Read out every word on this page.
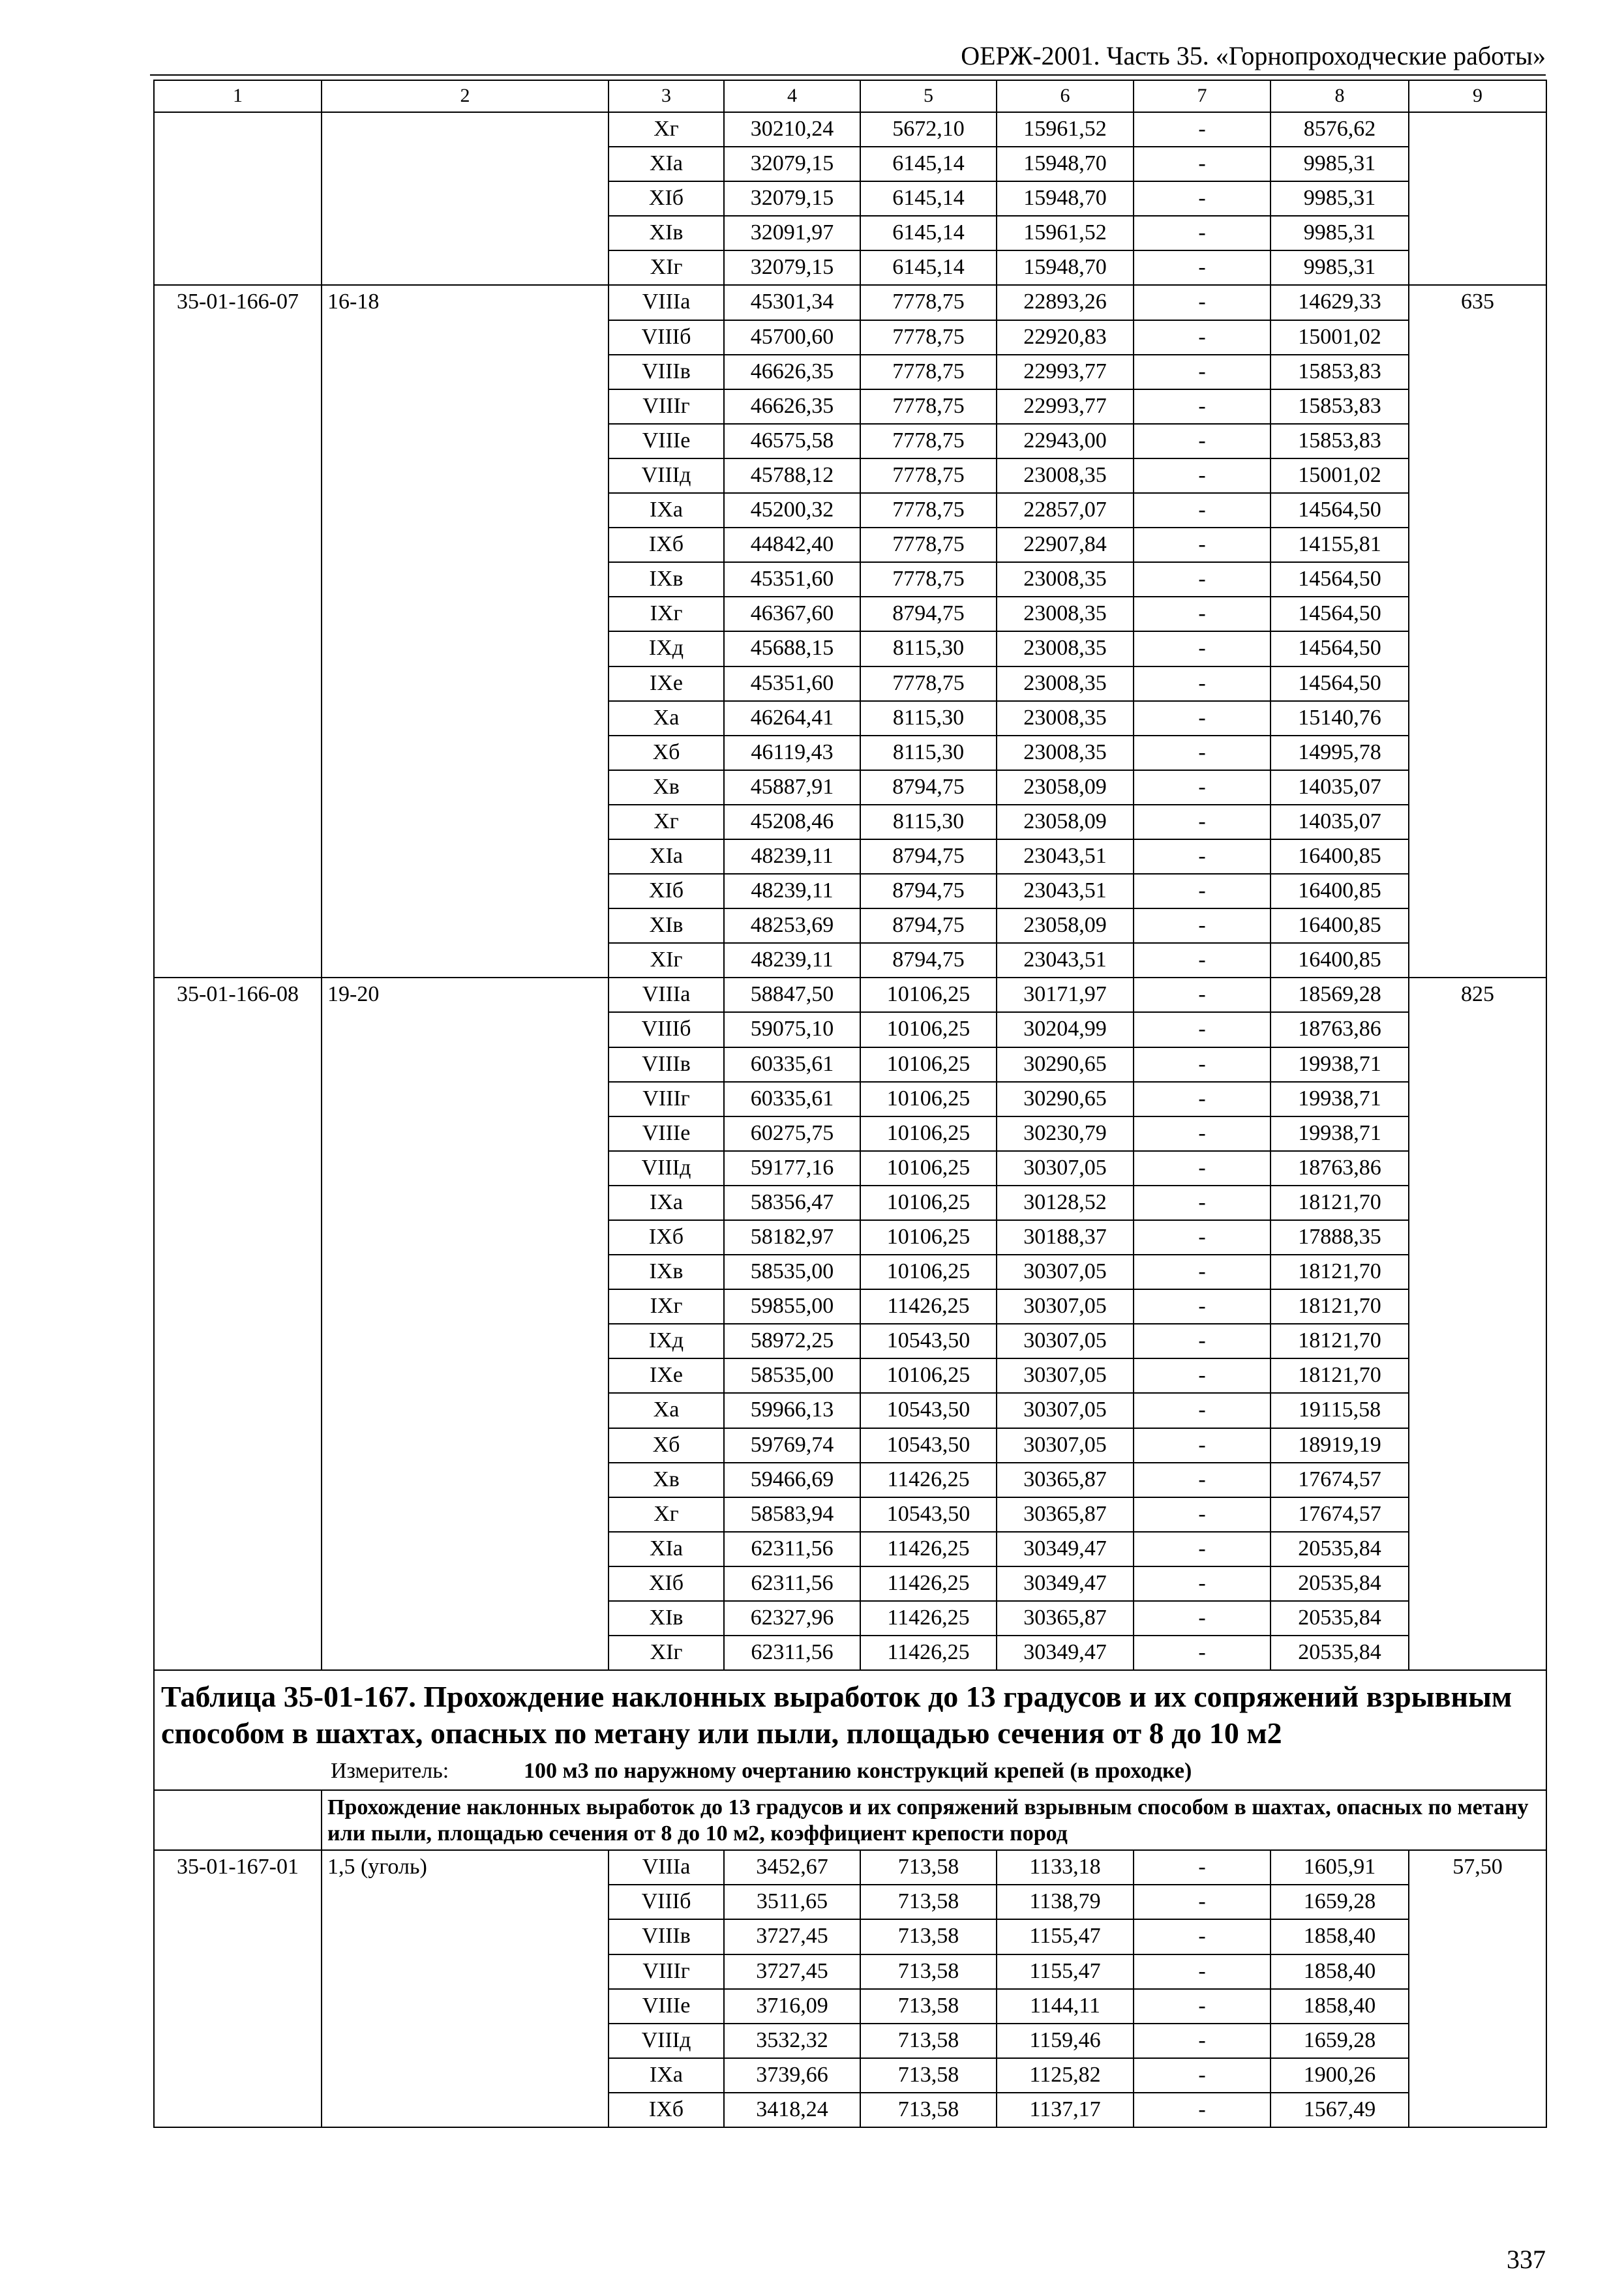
ОЕРЖ-2001. Часть 35. «Горнопроходческие работы»
1	2	3	4	5	6	7	8	9
		Xг	30210,24	5672,10	15961,52	-	8576,62	
		XIa	32079,15	6145,14	15948,70	-	9985,31	
		XIб	32079,15	6145,14	15948,70	-	9985,31	
		XIв	32091,97	6145,14	15961,52	-	9985,31	
		XIг	32079,15	6145,14	15948,70	-	9985,31	
35-01-166-07	16-18	VIIIa	45301,34	7778,75	22893,26	-	14629,33	635
		VIIIб	45700,60	7778,75	22920,83	-	15001,02	
		VIIIв	46626,35	7778,75	22993,77	-	15853,83	
		VIIIг	46626,35	7778,75	22993,77	-	15853,83	
		VIIIe	46575,58	7778,75	22943,00	-	15853,83	
		VIIIд	45788,12	7778,75	23008,35	-	15001,02	
		IXa	45200,32	7778,75	22857,07	-	14564,50	
		IXб	44842,40	7778,75	22907,84	-	14155,81	
		IXв	45351,60	7778,75	23008,35	-	14564,50	
		IXг	46367,60	8794,75	23008,35	-	14564,50	
		IXд	45688,15	8115,30	23008,35	-	14564,50	
		IXe	45351,60	7778,75	23008,35	-	14564,50	
		Xa	46264,41	8115,30	23008,35	-	15140,76	
		Xб	46119,43	8115,30	23008,35	-	14995,78	
		Xв	45887,91	8794,75	23058,09	-	14035,07	
		Xг	45208,46	8115,30	23058,09	-	14035,07	
		XIa	48239,11	8794,75	23043,51	-	16400,85	
		XIб	48239,11	8794,75	23043,51	-	16400,85	
		XIв	48253,69	8794,75	23058,09	-	16400,85	
		XIг	48239,11	8794,75	23043,51	-	16400,85	
35-01-166-08	19-20	VIIIa	58847,50	10106,25	30171,97	-	18569,28	825
		VIIIб	59075,10	10106,25	30204,99	-	18763,86	
		VIIIв	60335,61	10106,25	30290,65	-	19938,71	
		VIIIг	60335,61	10106,25	30290,65	-	19938,71	
		VIIIe	60275,75	10106,25	30230,79	-	19938,71	
		VIIIд	59177,16	10106,25	30307,05	-	18763,86	
		IXa	58356,47	10106,25	30128,52	-	18121,70	
		IXб	58182,97	10106,25	30188,37	-	17888,35	
		IXв	58535,00	10106,25	30307,05	-	18121,70	
		IXг	59855,00	11426,25	30307,05	-	18121,70	
		IXд	58972,25	10543,50	30307,05	-	18121,70	
		IXe	58535,00	10106,25	30307,05	-	18121,70	
		Xa	59966,13	10543,50	30307,05	-	19115,58	
		Xб	59769,74	10543,50	30307,05	-	18919,19	
		Xв	59466,69	11426,25	30365,87	-	17674,57	
		Xг	58583,94	10543,50	30365,87	-	17674,57	
		XIa	62311,56	11426,25	30349,47	-	20535,84	
		XIб	62311,56	11426,25	30349,47	-	20535,84	
		XIв	62327,96	11426,25	30365,87	-	20535,84	
		XIг	62311,56	11426,25	30349,47	-	20535,84	
Таблица 35-01-167. Прохождение наклонных выработок до 13 градусов и их сопряжений взрывным способом в шахтах, опасных по метану или пыли, площадью сечения от 8 до 10 м2								
Измеритель: 100 м3 по наружному очертанию конструкций крепей (в проходке)								
	Прохождение наклонных выработок до 13 градусов и их сопряжений взрывным способом в шахтах, опасных по метану или пыли, площадью сечения от 8 до 10 м2, коэффициент крепости пород							
35-01-167-01	1,5 (уголь)	VIIIa	3452,67	713,58	1133,18	-	1605,91	57,50
		VIIIб	3511,65	713,58	1138,79	-	1659,28	
		VIIIв	3727,45	713,58	1155,47	-	1858,40	
		VIIIг	3727,45	713,58	1155,47	-	1858,40	
		VIIIe	3716,09	713,58	1144,11	-	1858,40	
		VIIIд	3532,32	713,58	1159,46	-	1659,28	
		IXa	3739,66	713,58	1125,82	-	1900,26	
		IXб	3418,24	713,58	1137,17	-	1567,49	
337
